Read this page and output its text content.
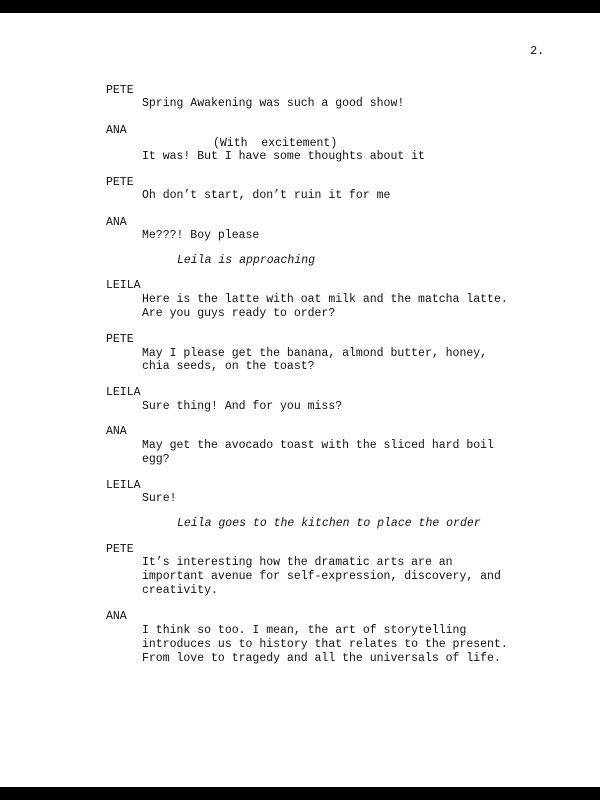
2.
PETE
Spring Awakening was such a good show!
ANA
(With  excitement)
It was! But I have some thoughts about it
PETE
Oh don’t start, don’t ruin it for me
ANA
Me???! Boy please
Leila is approaching
LEILA
Here is the latte with oat milk and the matcha latte.
Are you guys ready to order?
PETE
May I please get the banana, almond butter, honey,
chia seeds, on the toast?
LEILA
Sure thing! And for you miss?
ANA
May get the avocado toast with the sliced hard boil
egg?
LEILA
Sure!
Leila goes to the kitchen to place the order
PETE
It’s interesting how the dramatic arts are an
important avenue for self-expression, discovery, and
creativity.
ANA
I think so too. I mean, the art of storytelling
introduces us to history that relates to the present.
From love to tragedy and all the universals of life.
